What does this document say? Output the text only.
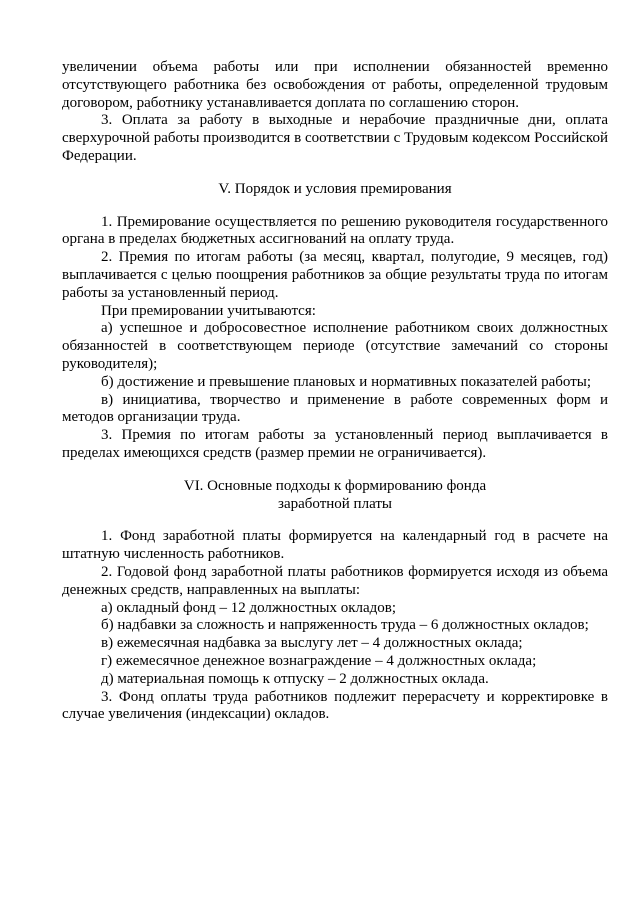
увеличении объема работы или при исполнении обязанностей временно отсутствующего работника без освобождения от работы, определенной трудовым договором, работнику устанавливается доплата по соглашению сторон.

3. Оплата за работу в выходные и нерабочие праздничные дни, оплата сверхурочной работы производится в соответствии с Трудовым кодексом Российской Федерации.

V. Порядок и условия премирования

1. Премирование осуществляется по решению руководителя государственного органа в пределах бюджетных ассигнований на оплату труда.

2. Премия по итогам работы (за месяц, квартал, полугодие, 9 месяцев, год) выплачивается с целью поощрения работников за общие результаты труда по итогам работы за установленный период.

При премировании учитываются:

а) успешное и добросовестное исполнение работником своих должностных обязанностей в соответствующем периоде (отсутствие замечаний со стороны руководителя);

б) достижение и превышение плановых и нормативных показателей работы;

в) инициатива, творчество и применение в работе современных форм и методов организации труда.

3. Премия по итогам работы за установленный период выплачивается в пределах имеющихся средств (размер премии не ограничивается).

VI. Основные подходы к формированию фонда
заработной платы

1. Фонд заработной платы формируется на календарный год в расчете на штатную численность работников.

2. Годовой фонд заработной платы работников формируется исходя из объема денежных средств, направленных на выплаты:

а) окладный фонд – 12 должностных окладов;

б) надбавки за сложность и напряженность труда – 6 должностных окладов;

в) ежемесячная надбавка за выслугу лет – 4 должностных оклада;

г) ежемесячное денежное вознаграждение – 4 должностных оклада;

д) материальная помощь к отпуску – 2 должностных оклада.

3. Фонд оплаты труда работников подлежит перерасчету и корректировке в случае увеличения (индексации) окладов.
